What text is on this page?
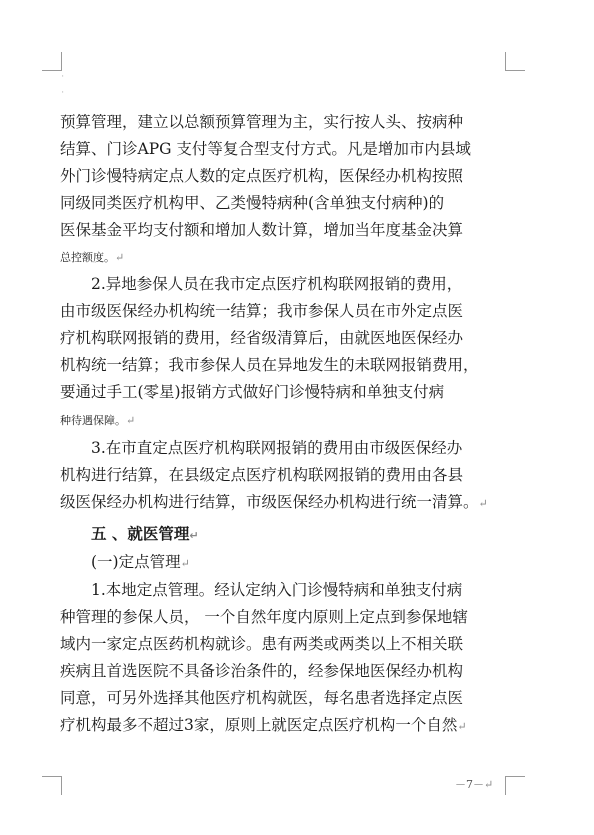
'
'
预算管理，建立以总额预算管理为主，实行按人头、按病种
结算、门诊APG 支付等复合型支付方式。凡是增加市内县域
外门诊慢特病定点人数的定点医疗机构，医保经办机构按照
同级同类医疗机构甲、乙类慢特病种(含单独支付病种)的
医保基金平均支付额和增加人数计算，增加当年度基金决算
总控额度。↵
2.异地参保人员在我市定点医疗机构联网报销的费用，
由市级医保经办机构统一结算；我市参保人员在市外定点医
疗机构联网报销的费用，经省级清算后，由就医地医保经办
机构统一结算；我市参保人员在异地发生的未联网报销费用，
要通过手工(零星)报销方式做好门诊慢特病和单独支付病
种待遇保障。↵
3.在市直定点医疗机构联网报销的费用由市级医保经办
机构进行结算，在县级定点医疗机构联网报销的费用由各县
级医保经办机构进行结算，市级医保经办机构进行统一清算。↵
五 、就医管理↵
(一)定点管理↵
1.本地定点管理。经认定纳入门诊慢特病和单独支付病
种管理的参保人员， 一个自然年度内原则上定点到参保地辖
域内一家定点医药机构就诊。患有两类或两类以上不相关联
疾病且首选医院不具备诊治条件的，经参保地医保经办机构
同意，可另外选择其他医疗机构就医，每名患者选择定点医
疗机构最多不超过3家，原则上就医定点医疗机构一个自然↵
－7－↵
